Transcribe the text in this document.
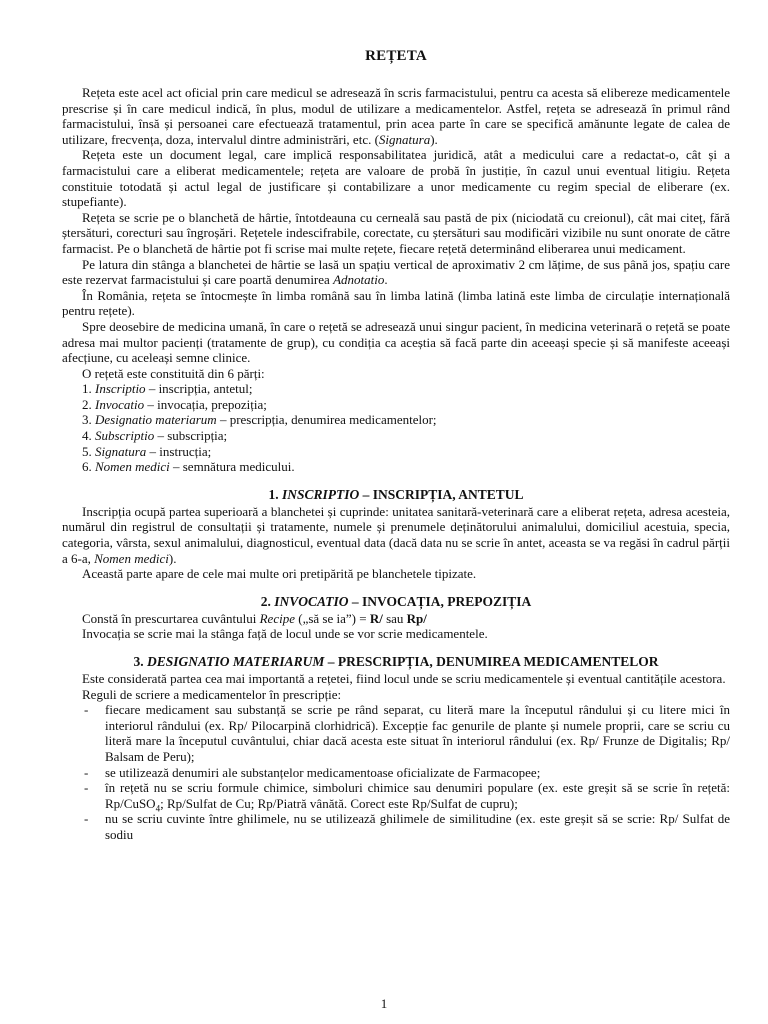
REȚETA

Rețeta este acel act oficial prin care medicul se adresează în scris farmacistului, pentru ca acesta să elibereze medicamentele prescrise și în care medicul indică, în plus, modul de utilizare a medicamentelor. Astfel, rețeta se adresează în primul rând farmacistului, însă și persoanei care efectuează tratamentul, prin acea parte în care se specifică amănunte legate de calea de utilizare, frecvența, doza, intervalul dintre administrări, etc. (Signatura).

Rețeta este un document legal, care implică responsabilitatea juridică, atât a medicului care a redactat-o, cât și a farmacistului care a eliberat medicamentele; rețeta are valoare de probă în justiție, în cazul unui eventual litigiu. Rețeta constituie totodată și actul legal de justificare și contabilizare a unor medicamente cu regim special de eliberare (ex. stupefiante).

Rețeta se scrie pe o blanchetă de hârtie, întotdeauna cu cerneală sau pastă de pix (niciodată cu creionul), cât mai citeț, fără ștersături, corecturi sau îngroșări. Rețetele indescifrabile, corectate, cu ștersături sau modificări vizibile nu sunt onorate de către farmacist. Pe o blanchetă de hârtie pot fi scrise mai multe rețete, fiecare rețetă determinând eliberarea unui medicament.

Pe latura din stânga a blanchetei de hârtie se lasă un spațiu vertical de aproximativ 2 cm lățime, de sus până jos, spațiu care este rezervat farmacistului și care poartă denumirea Adnotatio.

În România, rețeta se întocmește în limba română sau în limba latină (limba latină este limba de circulație internațională pentru rețete).

Spre deosebire de medicina umană, în care o rețetă se adresează unui singur pacient, în medicina veterinară o rețetă se poate adresa mai multor pacienți (tratamente de grup), cu condiția ca aceștia să facă parte din aceeași specie și să manifeste aceeași afecțiune, cu aceleași semne clinice.

O rețetă este constituită din 6 părți:

1. Inscriptio – inscripția, antetul;

2. Invocatio – invocația, prepoziția;

3. Designatio materiarum – prescripția, denumirea medicamentelor;

4. Subscriptio – subscripția;

5. Signatura – instrucția;

6. Nomen medici – semnătura medicului.

1. INSCRIPTIO – INSCRIPȚIA, ANTETUL

Inscripția ocupă partea superioară a blanchetei și cuprinde: unitatea sanitară-veterinară care a eliberat rețeta, adresa acesteia, numărul din registrul de consultații și tratamente, numele și prenumele deținătorului animalului, domiciliul acestuia, specia, categoria, vârsta, sexul animalului, diagnosticul, eventual data (dacă data nu se scrie în antet, aceasta se va regăsi în cadrul părții a 6-a, Nomen medici).

Această parte apare de cele mai multe ori pretipărită pe blanchetele tipizate.

2. INVOCATIO – INVOCAȚIA, PREPOZIȚIA

Constă în prescurtarea cuvântului Recipe („să se ia”) = R/ sau Rp/

Invocația se scrie mai la stânga față de locul unde se vor scrie medicamentele.

3. DESIGNATIO MATERIARUM – PRESCRIPȚIA, DENUMIREA MEDICAMENTELOR

Este considerată partea cea mai importantă a rețetei, fiind locul unde se scriu medicamentele și eventual cantitățile acestora.

Reguli de scriere a medicamentelor în prescripție:

- fiecare medicament sau substanță se scrie pe rând separat, cu literă mare la începutul rândului și cu litere mici în interiorul rândului (ex. Rp/ Pilocarpină clorhidrică). Excepție fac genurile de plante și numele proprii, care se scriu cu literă mare la începutul cuvântului, chiar dacă acesta este situat în interiorul rândului (ex. Rp/ Frunze de Digitalis; Rp/ Balsam de Peru);
- se utilizează denumiri ale substanțelor medicamentoase oficializate de Farmacopee;
- în rețetă nu se scriu formule chimice, simboluri chimice sau denumiri populare (ex. este greșit să se scrie în rețetă: Rp/CuSO$_4$; Rp/Sulfat de Cu; Rp/Piatră vânătă. Corect este Rp/Sulfat de cupru);
- nu se scriu cuvinte între ghilimele, nu se utilizează ghilimele de similitudine (ex. este greșit să se scrie: Rp/ Sulfat de sodiu
1
